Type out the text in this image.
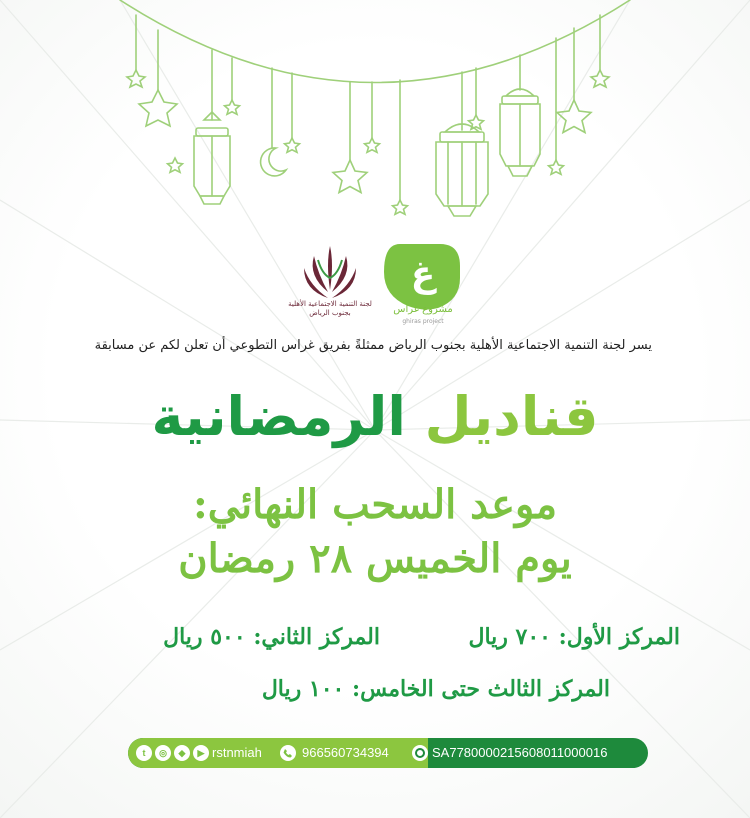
لجنة التنمية الاجتماعية الأهلية
بجنوب الرياض
غ
مشروع غراس
ghiras project
يسر لجنة التنمية الاجتماعية الأهلية بجنوب الرياض ممثلةً بفريق غراس التطوعي أن تعلن لكم عن مسابقة
قناديل الرمضانية
موعد السحب النهائي:
يوم الخميس ٢٨ رمضان
المركز الأول: ٧٠٠ ريال
المركز الثاني: ٥٠٠ ريال
المركز الثالث حتى الخامس: ١٠٠ ريال
t	◎	◆	▶ rstnmiah	966560734394	SA7780000215608011000016
